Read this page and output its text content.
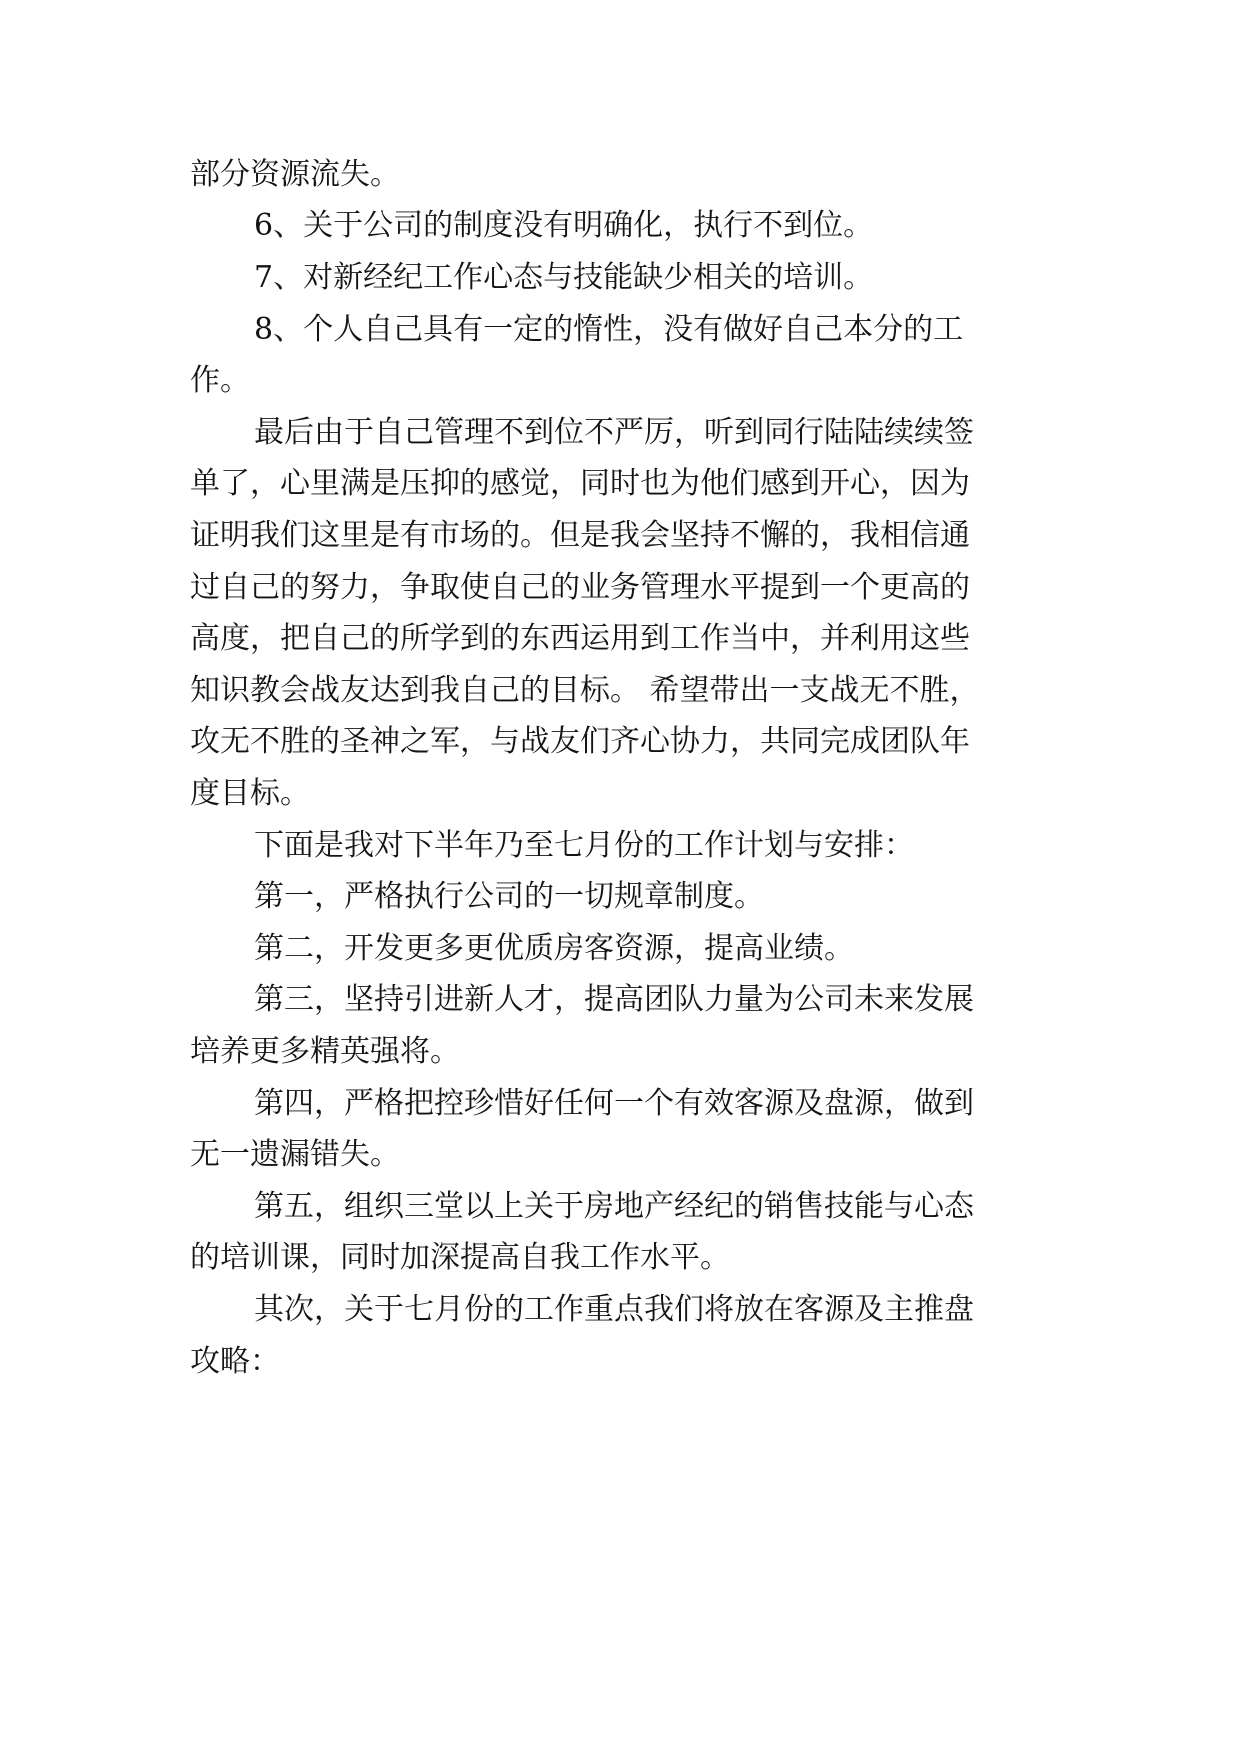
部分资源流失。
6、关于公司的制度没有明确化，执行不到位。
7、对新经纪工作心态与技能缺少相关的培训。
8、个人自己具有一定的惰性，没有做好自己本分的工
作。
最后由于自己管理不到位不严厉，听到同行陆陆续续签
单了，心里满是压抑的感觉，同时也为他们感到开心，因为
证明我们这里是有市场的。但是我会坚持不懈的，我相信通
过自己的努力，争取使自己的业务管理水平提到一个更高的
高度，把自己的所学到的东西运用到工作当中，并利用这些
知识教会战友达到我自己的目标。 希望带出一支战无不胜，
攻无不胜的圣神之军，与战友们齐心协力，共同完成团队年
度目标。
下面是我对下半年乃至七月份的工作计划与安排：
第一，严格执行公司的一切规章制度。
第二，开发更多更优质房客资源，提高业绩。
第三，坚持引进新人才，提高团队力量为公司未来发展
培养更多精英强将。
第四，严格把控珍惜好任何一个有效客源及盘源，做到
无一遗漏错失。
第五，组织三堂以上关于房地产经纪的销售技能与心态
的培训课，同时加深提高自我工作水平。
其次，关于七月份的工作重点我们将放在客源及主推盘
攻略：
